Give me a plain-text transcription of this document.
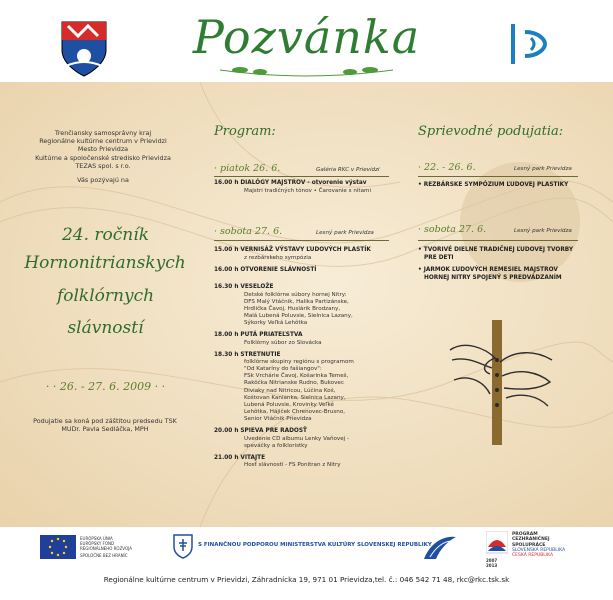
Pozvánka
Trenčiansky samosprávny kraj
Regionálne kultúrne centrum v Prievidzi
Mesto Prievidza
Kultúrne a spoločenské stredisko Prievidza
TEZAS spol. s r.o.
Vás pozývajú na
24. ročník
Hornonitrianskych
folklórnych
slávností
· · 26. - 27. 6. 2009 · ·
Podujatie sa koná pod záštitou predsedu TSK
MUDr. Pavla Sedláčka, MPH
Program:
· piatok 26. 6.	Galéria RKC v Prievidzi
16.00 h DIALÓGY MAJSTROV - otvorenie výstav
Majstri tradičných tónov • Čarovanie s nitami
· sobota 27. 6.	Lesný park Prievidza
15.00 h VERNISÁŽ VÝSTAVY ĽUDOVÝCH PLASTÍK
z rezbárskeho sympózia
16.00 h OTVORENIE SLÁVNOSTÍ
16.30 h VESELOŽE
Detské folklórne súbory hornej Nitry:
DFS Malý Vtáčnik, Halika Partizánske,
Hrdlička Čavoj, Huslárik Brodzany,
Malá Lubená Poluvsie, Sielnica Lazany,
Sýkorky Veľká Lehôtka
18.00 h PUTÁ PRIATEĽSTVA
Folklórny súbor zo Slovácka
18.30 h STRETNUTIE
folklórne skupiny regiónu s programom
"Od Kataríny do fašiangov":
FSk Vrchárie Čavoj, Košarinka Temeš,
Rakôčka Nitrianske Rudno, Bukovec
Diviaky nad Nitricou, Lúčina Koš,
Koštovan Kanianka, Sielnica Lazany,
Lubená Poluvsie, Krovinky Veľké
Lehôtka, Hájiček Chrenovec-Brusno,
Senior Vtáčnik Prievidza
20.00 h SPIEVA PRE RADOSŤ
Uvedenie CD albumu Lenky Vaňovej -
speváčky a folkloristky
21.00 h VITAJTE
Hosť slávností - FS Ponitran z Nitry
Sprievodné podujatia:
· 22. - 26. 6.	Lesný park Prievidza
• REZBÁRSKE SYMPÓZIUM ĽUDOVEJ PLASTIKY
· sobota 27. 6.	Lesný park Prievidza
• TVORIVÉ DIELNE TRADIČNEJ ĽUDOVEJ TVORBY
PRE DETI
• JARMOK ĽUDOVÝCH REMESIEL MAJSTROV
HORNEJ NITRY SPOJENÝ S PREDVÁDZANÍM
EURÓPSKA ÚNIA
EURÓPSKY FOND
REGIONÁLNEHO ROZVOJA
SPOLOČNE BEZ HRANÍC
S FINANČNOU PODPOROU MINISTERSTVA KULTÚRY SLOVENSKEJ REPUBLIKY
2007
2013
PROGRAM
CEZHRANIČNEJ
SPOLUPRÁCE
SLOVENSKÁ REPUBLIKA
ČESKÁ REPUBLIKA
Regionálne kultúrne centrum v Prievidzi, Záhradnícka 19, 971 01 Prievidza,tel. č.: 046 542 71 48, rkc@rkc.tsk.sk
